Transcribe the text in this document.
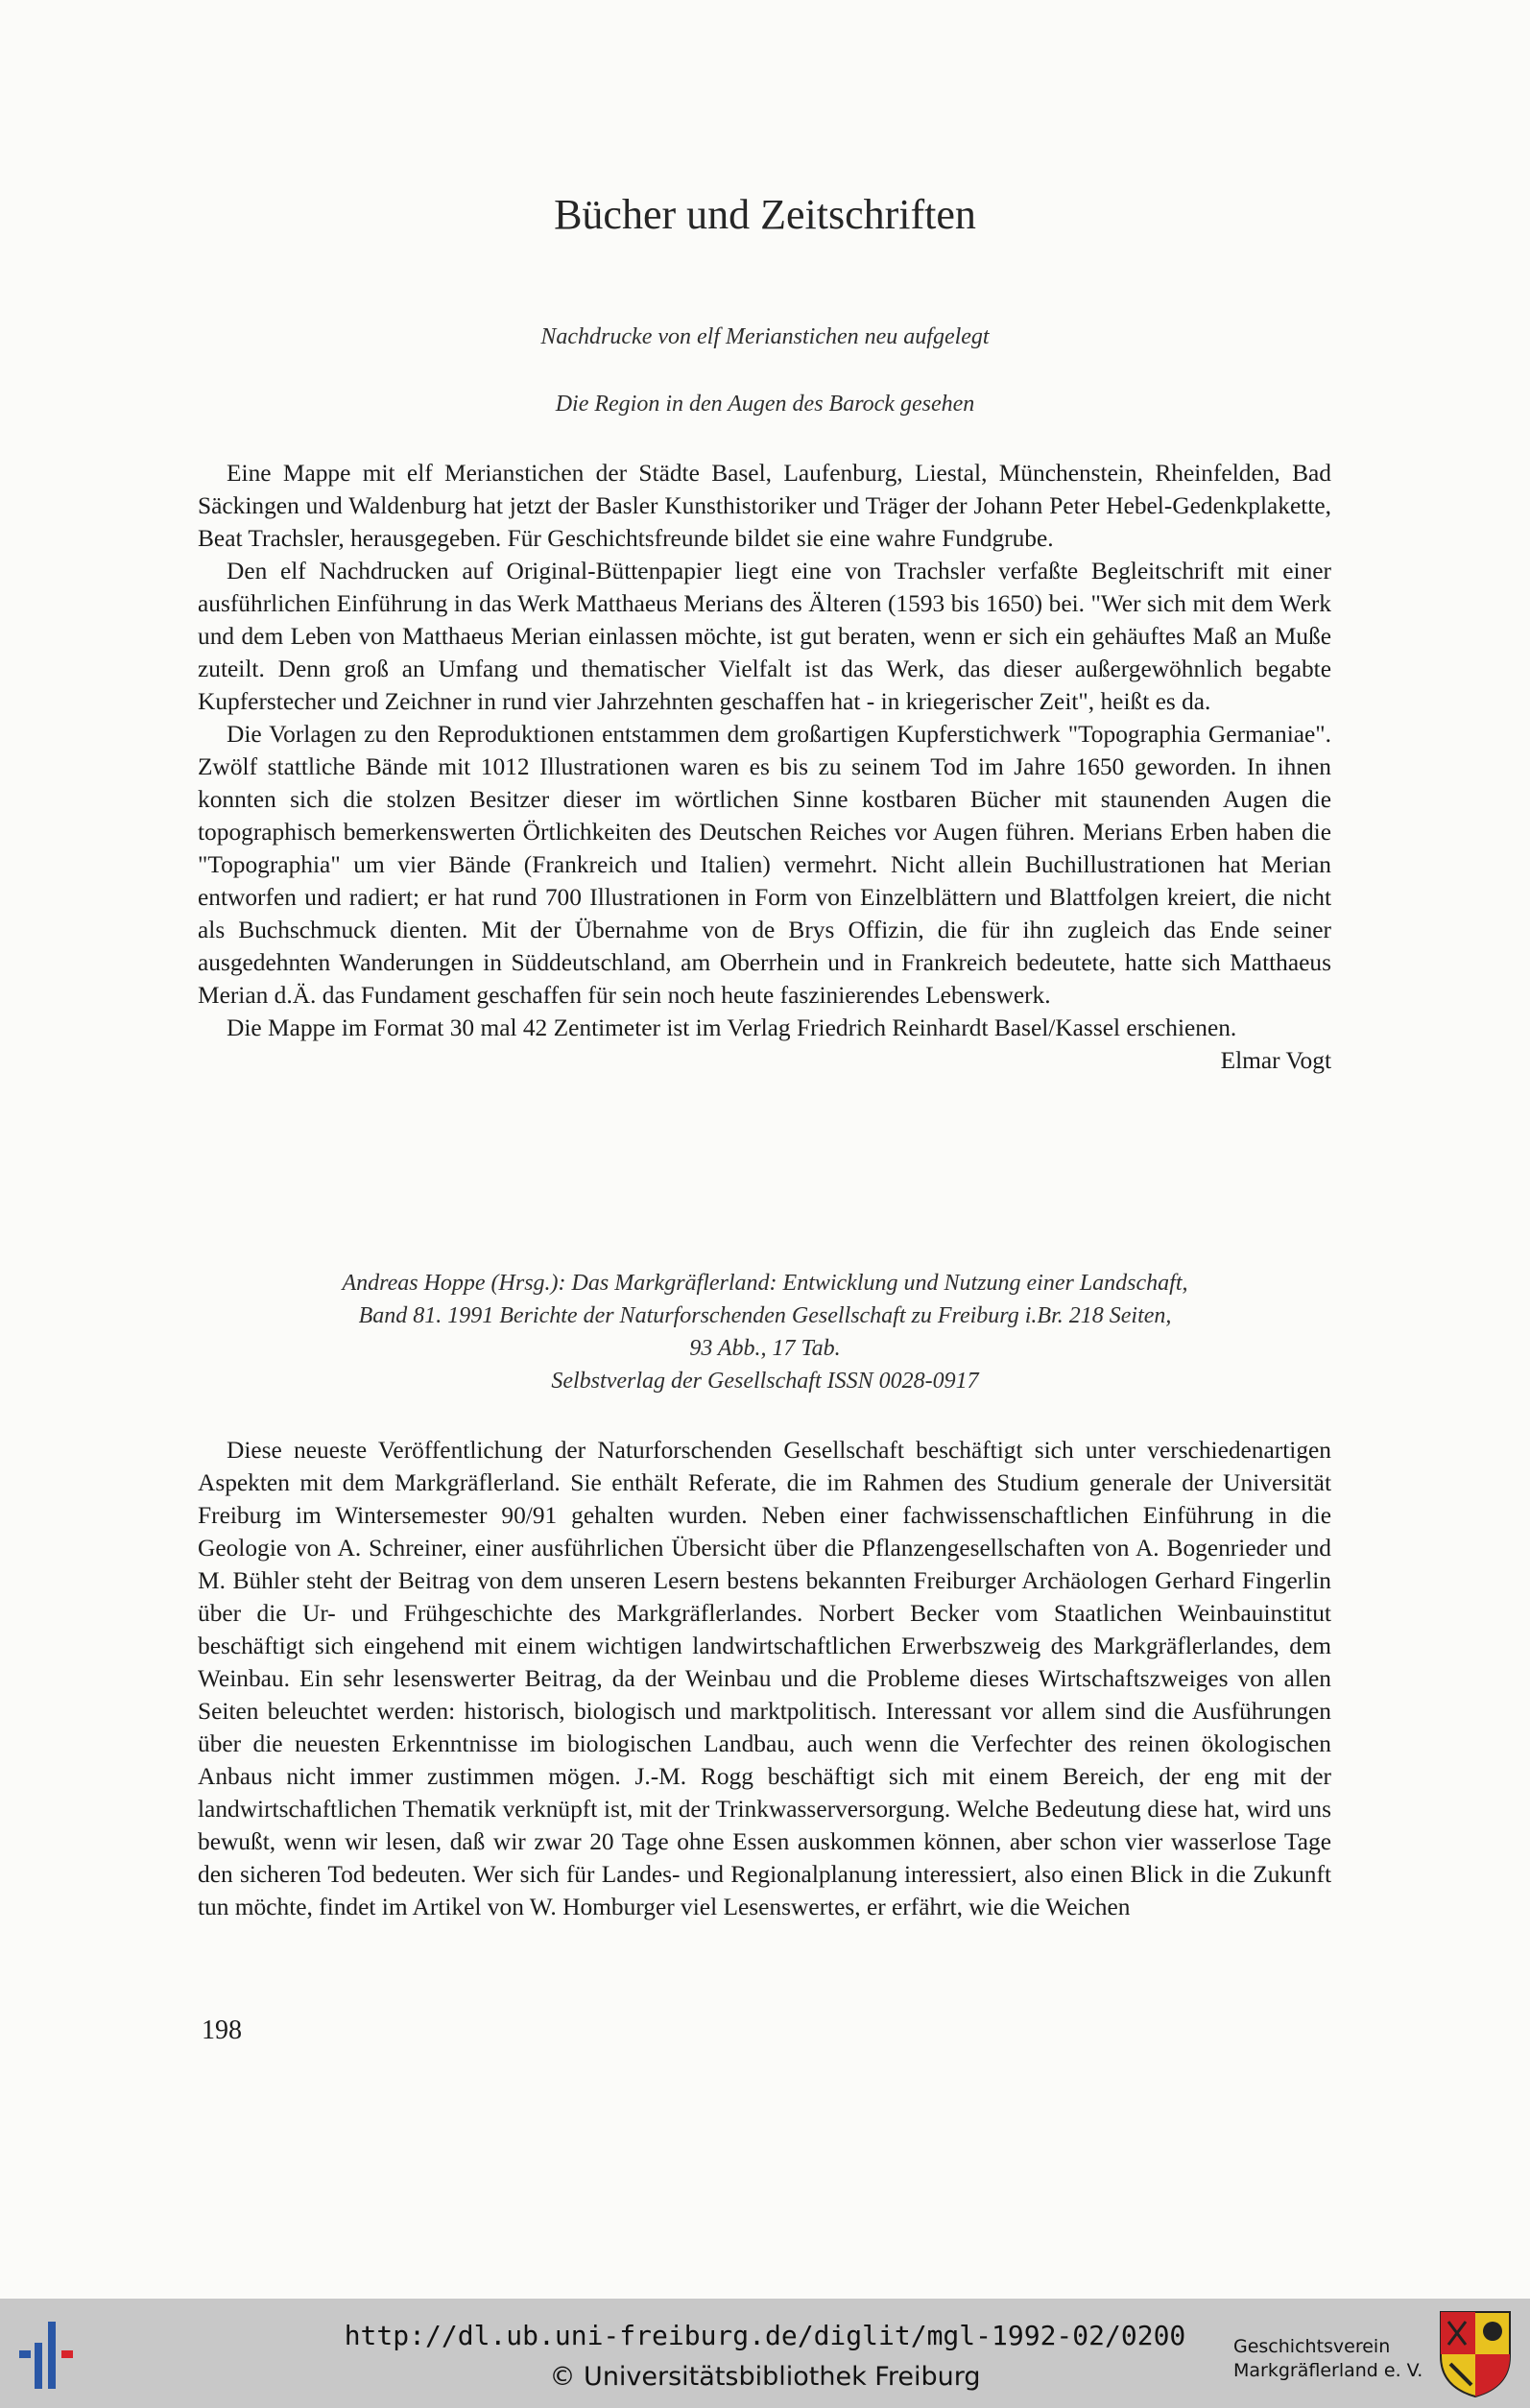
Bücher und Zeitschriften
Nachdrucke von elf Merianstichen neu aufgelegt
Die Region in den Augen des Barock gesehen

Eine Mappe mit elf Merianstichen der Städte Basel, Laufenburg, Liestal, Münchenstein, Rheinfelden, Bad Säckingen und Waldenburg hat jetzt der Basler Kunsthistoriker und Träger der Johann Peter Hebel-Gedenkplakette, Beat Trachsler, herausgegeben. Für Geschichtsfreunde bildet sie eine wahre Fundgrube.

Den elf Nachdrucken auf Original-Büttenpapier liegt eine von Trachsler verfaßte Begleitschrift mit einer ausführlichen Einführung in das Werk Matthaeus Merians des Älteren (1593 bis 1650) bei. "Wer sich mit dem Werk und dem Leben von Matthaeus Merian einlassen möchte, ist gut beraten, wenn er sich ein gehäuftes Maß an Muße zuteilt. Denn groß an Umfang und thematischer Vielfalt ist das Werk, das dieser außergewöhnlich begabte Kupferstecher und Zeichner in rund vier Jahrzehnten geschaffen hat - in kriegerischer Zeit", heißt es da.

Die Vorlagen zu den Reproduktionen entstammen dem großartigen Kupferstichwerk "Topographia Germaniae". Zwölf stattliche Bände mit 1012 Illustrationen waren es bis zu seinem Tod im Jahre 1650 geworden. In ihnen konnten sich die stolzen Besitzer dieser im wörtlichen Sinne kostbaren Bücher mit staunenden Augen die topographisch bemerkenswerten Örtlichkeiten des Deutschen Reiches vor Augen führen. Merians Erben haben die "Topographia" um vier Bände (Frankreich und Italien) vermehrt. Nicht allein Buchillustrationen hat Merian entworfen und radiert; er hat rund 700 Illustrationen in Form von Einzelblättern und Blattfolgen kreiert, die nicht als Buchschmuck dienten. Mit der Übernahme von de Brys Offizin, die für ihn zugleich das Ende seiner ausgedehnten Wanderungen in Süddeutschland, am Oberrhein und in Frankreich bedeutete, hatte sich Matthaeus Merian d.Ä. das Fundament geschaffen für sein noch heute faszinierendes Lebenswerk.

Die Mappe im Format 30 mal 42 Zentimeter ist im Verlag Friedrich Reinhardt Basel/Kassel erschienen.

Elmar Vogt

Andreas Hoppe (Hrsg.): Das Markgräflerland: Entwicklung und Nutzung einer Landschaft,
Band 81. 1991 Berichte der Naturforschenden Gesellschaft zu Freiburg i.Br. 218 Seiten,
93 Abb., 17 Tab.
Selbstverlag der Gesellschaft ISSN 0028-0917

Diese neueste Veröffentlichung der Naturforschenden Gesellschaft beschäftigt sich unter verschiedenartigen Aspekten mit dem Markgräflerland. Sie enthält Referate, die im Rahmen des Studium generale der Universität Freiburg im Wintersemester 90/91 gehalten wurden. Neben einer fachwissenschaftlichen Einführung in die Geologie von A. Schreiner, einer ausführlichen Übersicht über die Pflanzengesellschaften von A. Bogenrieder und M. Bühler steht der Beitrag von dem unseren Lesern bestens bekannten Freiburger Archäologen Gerhard Fingerlin über die Ur- und Frühgeschichte des Markgräflerlandes. Norbert Becker vom Staatlichen Weinbauinstitut beschäftigt sich eingehend mit einem wichtigen landwirtschaftlichen Erwerbszweig des Markgräflerlandes, dem Weinbau. Ein sehr lesenswerter Beitrag, da der Weinbau und die Probleme dieses Wirtschaftszweiges von allen Seiten beleuchtet werden: historisch, biologisch und marktpolitisch. Interessant vor allem sind die Ausführungen über die neuesten Erkenntnisse im biologischen Landbau, auch wenn die Verfechter des reinen ökologischen Anbaus nicht immer zustimmen mögen. J.-M. Rogg beschäftigt sich mit einem Bereich, der eng mit der landwirtschaftlichen Thematik verknüpft ist, mit der Trinkwasserversorgung. Welche Bedeutung diese hat, wird uns bewußt, wenn wir lesen, daß wir zwar 20 Tage ohne Essen auskommen können, aber schon vier wasserlose Tage den sicheren Tod bedeuten. Wer sich für Landes- und Regionalplanung interessiert, also einen Blick in die Zukunft tun möchte, findet im Artikel von W. Homburger viel Lesenswertes, er erfährt, wie die Weichen

198
http://dl.ub.uni-freiburg.de/diglit/mgl-1992-02/0200
© Universitätsbibliothek Freiburg
Geschichtsverein
Markgräflerland e. V.
